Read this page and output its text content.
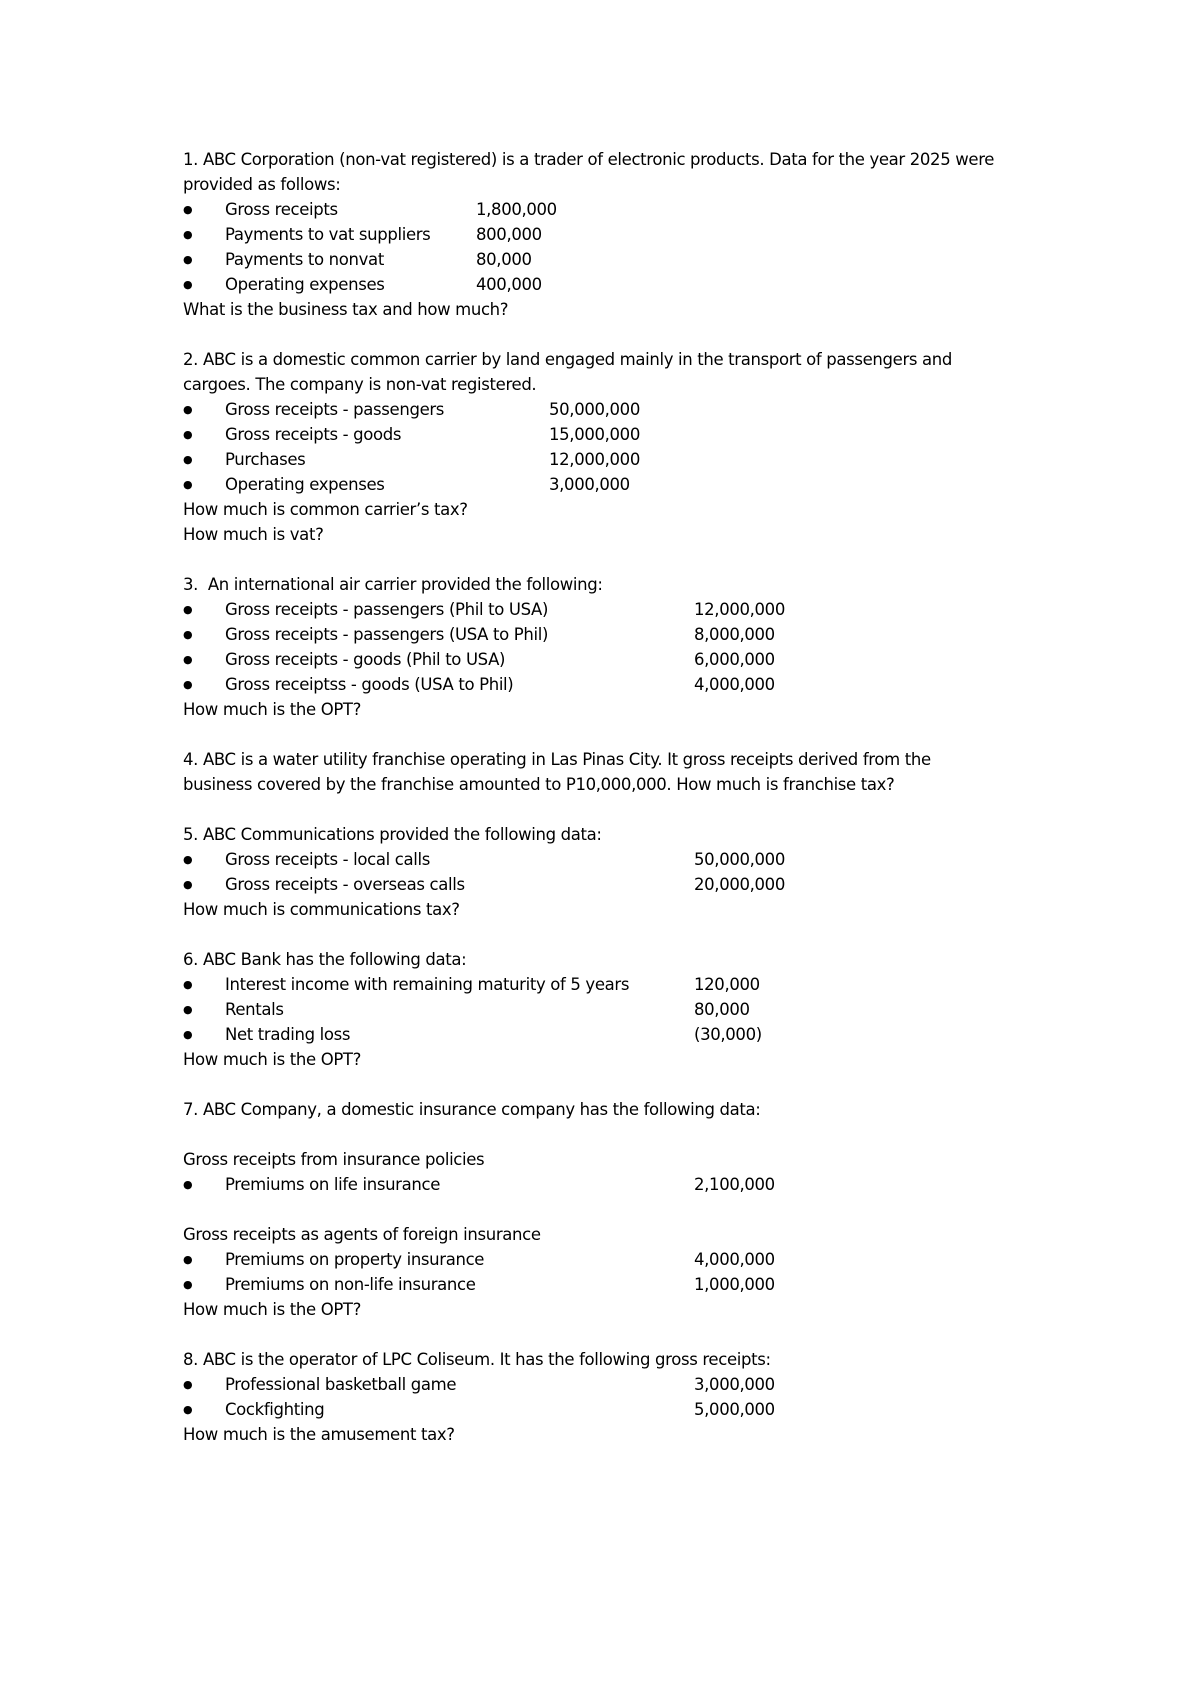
1. ABC Corporation (non-vat registered) is a trader of electronic products. Data for the year 2025 were

provided as follows:

● Gross receipts	1,800,000
● Payments to vat suppliers	800,000
● Payments to nonvat	80,000
● Operating expenses	400,000

What is the business tax and how much?

2. ABC is a domestic common carrier by land engaged mainly in the transport of passengers and

cargoes. The company is non-vat registered.

● Gross receipts - passengers	50,000,000
● Gross receipts - goods	15,000,000
● Purchases	12,000,000
● Operating expenses	3,000,000

How much is common carrier’s tax?

How much is vat?

3.  An international air carrier provided the following:

● Gross receipts - passengers (Phil to USA)	12,000,000
● Gross receipts - passengers (USA to Phil)	8,000,000
● Gross receipts - goods (Phil to USA)	6,000,000
● Gross receiptss - goods (USA to Phil)	4,000,000

How much is the OPT?

4. ABC is a water utility franchise operating in Las Pinas City. It gross receipts derived from the

business covered by the franchise amounted to P10,000,000. How much is franchise tax?

5. ABC Communications provided the following data:

● Gross receipts - local calls	50,000,000
● Gross receipts - overseas calls	20,000,000

How much is communications tax?

6. ABC Bank has the following data:

● Interest income with remaining maturity of 5 years	120,000
● Rentals	80,000
● Net trading loss	(30,000)

How much is the OPT?

7. ABC Company, a domestic insurance company has the following data:

Gross receipts from insurance policies

● Premiums on life insurance	2,100,000

Gross receipts as agents of foreign insurance

● Premiums on property insurance	4,000,000
● Premiums on non-life insurance	1,000,000

How much is the OPT?

8. ABC is the operator of LPC Coliseum. It has the following gross receipts:

● Professional basketball game	3,000,000
● Cockfighting	5,000,000

How much is the amusement tax?
